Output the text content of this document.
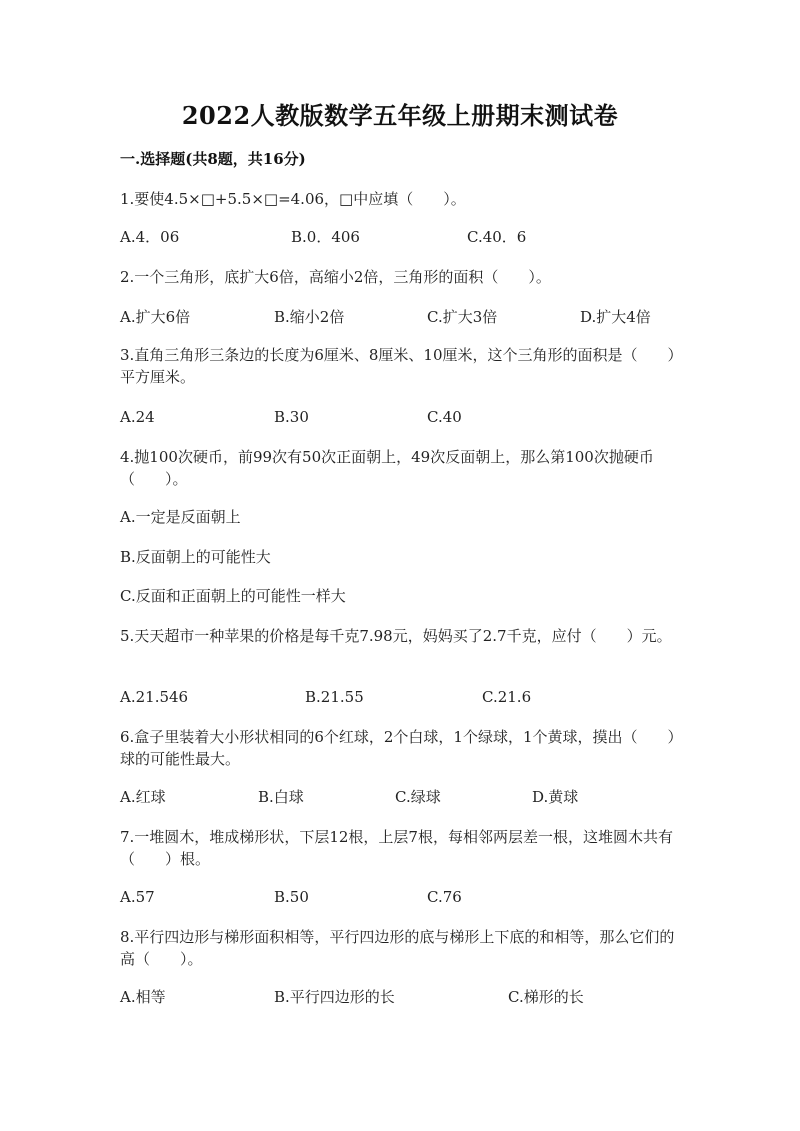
2022人教版数学五年级上册期末测试卷
一.选择题(共8题，共16分)
1.要使4.5×□+5.5×□=4.06，□中应填（　　）。
A.4．06	B.0．406	C.40．6
2.一个三角形，底扩大6倍，高缩小2倍，三角形的面积（　　）。
A.扩大6倍	B.缩小2倍	C.扩大3倍	D.扩大4倍
3.直角三角形三条边的长度为6厘米、8厘米、10厘米，这个三角形的面积是（　　）平方厘米。
A.24	B.30	C.40
4.抛100次硬币，前99次有50次正面朝上，49次反面朝上，那么第100次抛硬币（　　）。
A.一定是反面朝上
B.反面朝上的可能性大
C.反面和正面朝上的可能性一样大
5.天天超市一种苹果的价格是每千克7.98元，妈妈买了2.7千克，应付（　　）元。
A.21.546	B.21.55	C.21.6
6.盒子里装着大小形状相同的6个红球，2个白球，1个绿球，1个黄球，摸出（　　）球的可能性最大。
A.红球	B.白球	C.绿球	D.黄球
7.一堆圆木，堆成梯形状，下层12根，上层7根，每相邻两层差一根，这堆圆木共有（　　）根。
A.57	B.50	C.76
8.平行四边形与梯形面积相等，平行四边形的底与梯形上下底的和相等，那么它们的高（　　）。
A.相等	B.平行四边形的长	C.梯形的长
